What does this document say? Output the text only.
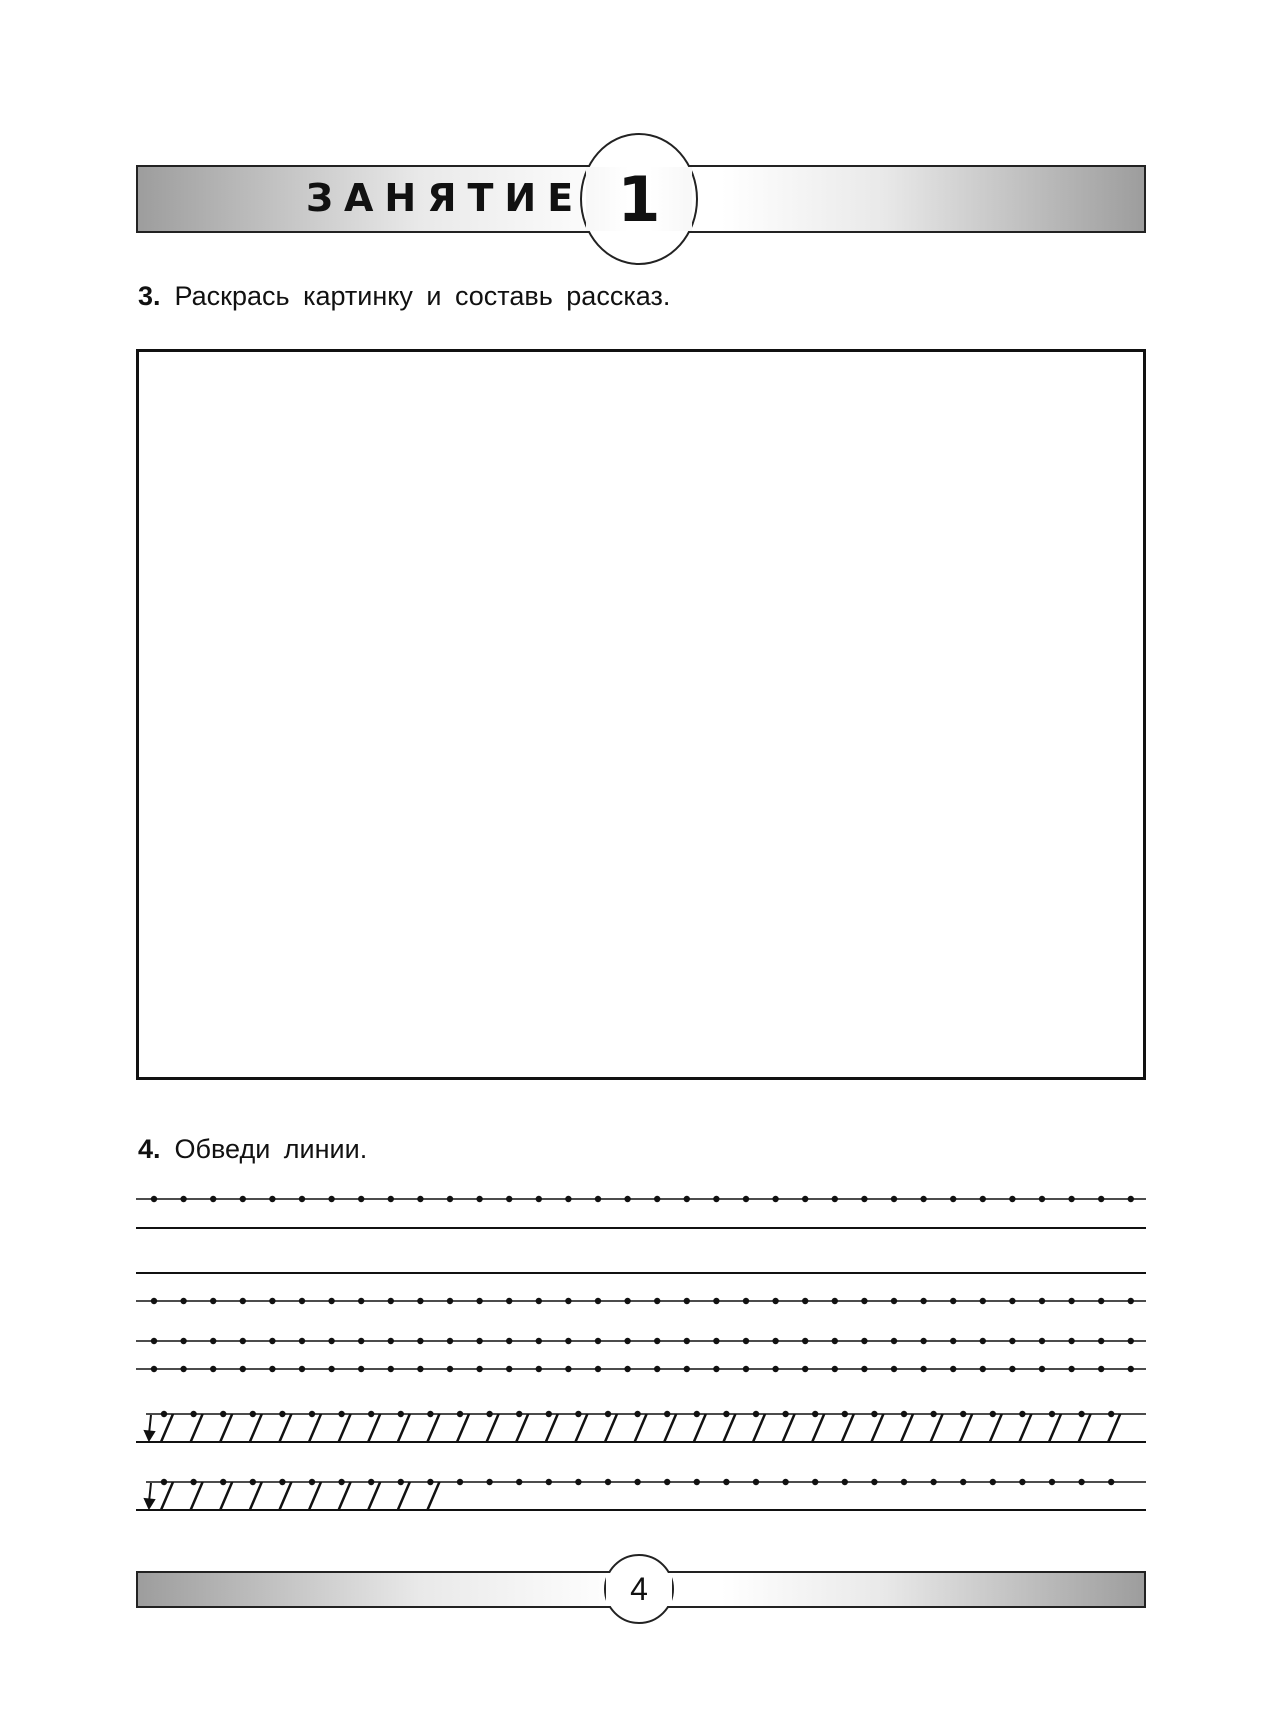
ЗАНЯТИЕ 1
3. Раскрась картинку и составь рассказ.
4. Обведи линии.
4
